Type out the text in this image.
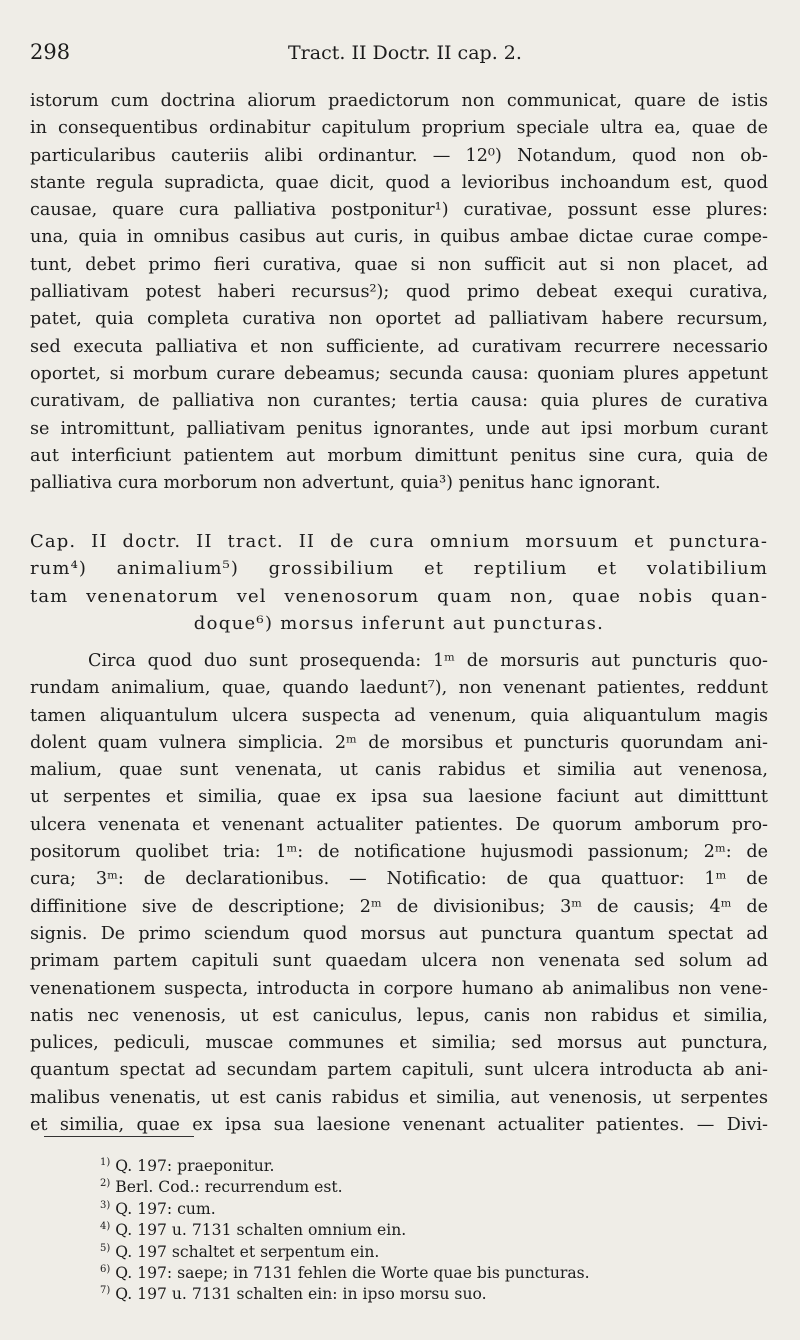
298	Tract. II Doctr. II cap. 2.
istorum cum doctrina aliorum praedictorum non communicat, quare de istis
in consequentibus ordinabitur capitulum proprium speciale ultra ea, quae de
particularibus cauteriis alibi ordinantur. — 12⁰) Notandum, quod non ob-
stante regula supradicta, quae dicit, quod a levioribus inchoandum est, quod
causae, quare cura palliativa postponitur¹) curativae, possunt esse plures:
una, quia in omnibus casibus aut curis, in quibus ambae dictae curae compe-
tunt, debet primo fieri curativa, quae si non sufficit aut si non placet, ad
palliativam potest haberi recursus²); quod primo debeat exequi curativa,
patet, quia completa curativa non oportet ad palliativam habere recursum,
sed executa palliativa et non sufficiente, ad curativam recurrere necessario
oportet, si morbum curare debeamus; secunda causa: quoniam plures appetunt
curativam, de palliativa non curantes; tertia causa: quia plures de curativa
se intromittunt, palliativam penitus ignorantes, unde aut ipsi morbum curant
aut interficiunt patientem aut morbum dimittunt penitus sine cura, quia de
palliativa cura morborum non advertunt, quia³) penitus hanc ignorant.
Cap. II doctr. II tract. II de cura omnium morsuum et punctura-
rum⁴) animalium⁵) grossibilium et reptilium et volatibilium
tam venenatorum vel venenosorum quam non, quae nobis quan-
doque⁶) morsus inferunt aut puncturas.
Circa quod duo sunt prosequenda: 1ᵐ de morsuris aut puncturis quo-
rundam animalium, quae, quando laedunt⁷), non venenant patientes, reddunt
tamen aliquantulum ulcera suspecta ad venenum, quia aliquantulum magis
dolent quam vulnera simplicia. 2ᵐ de morsibus et puncturis quorundam ani-
malium, quae sunt venenata, ut canis rabidus et similia aut venenosa,
ut serpentes et similia, quae ex ipsa sua laesione faciunt aut dimitttunt
ulcera venenata et venenant actualiter patientes. De quorum amborum pro-
positorum quolibet tria: 1ᵐ: de notificatione hujusmodi passionum; 2ᵐ: de
cura; 3ᵐ: de declarationibus. — Notificatio: de qua quattuor: 1ᵐ de
diffinitione sive de descriptione; 2ᵐ de divisionibus; 3ᵐ de causis; 4ᵐ de
signis. De primo sciendum quod morsus aut punctura quantum spectat ad
primam partem capituli sunt quaedam ulcera non venenata sed solum ad
venenationem suspecta, introducta in corpore humano ab animalibus non vene-
natis nec venenosis, ut est caniculus, lepus, canis non rabidus et similia,
pulices, pediculi, muscae communes et similia; sed morsus aut punctura,
quantum spectat ad secundam partem capituli, sunt ulcera introducta ab ani-
malibus venenatis, ut est canis rabidus et similia, aut venenosis, ut serpentes
et similia, quae ex ipsa sua laesione venenant actualiter patientes. — Divi-
$^{1)}$ Q. 197: praeponitur.
$^{2)}$ Berl. Cod.: recurrendum est.
$^{3)}$ Q. 197: cum.
$^{4)}$ Q. 197 u. 7131 schalten omnium ein.
$^{5)}$ Q. 197 schaltet et serpentum ein.
$^{6)}$ Q. 197: saepe; in 7131 fehlen die Worte quae bis puncturas.
$^{7)}$ Q. 197 u. 7131 schalten ein: in ipso morsu suo.
